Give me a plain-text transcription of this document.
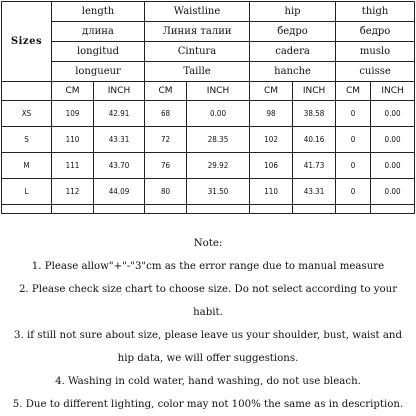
Sizes	length		Waistline		hip		thigh	
	длина		Линия талии		бедро		бедро	
	longitud		Cintura		cadera		muslo	
	longueur		Taille		hanche		cuisse	
	CM	INCH	CM	INCH	CM	INCH	CM	INCH
XS	109	42.91	68	0.00	98	38.58	0	0.00
S	110	43.31	72	28.35	102	40.16	0	0.00
M	111	43.70	76	29.92	106	41.73	0	0.00
L	112	44.09	80	31.50	110	43.31	0	0.00

Note:

1. Please allow"+"-"3"cm as the error range due to manual measure

2. Please check size chart to choose size. Do not select according to your habit.

3. if still not sure about size, please leave us your shoulder, bust, waist and hip data, we will offer suggestions.

4. Washing in cold water, hand washing, do not use bleach.

5. Due to different lighting, color may not 100% the same as in description.
